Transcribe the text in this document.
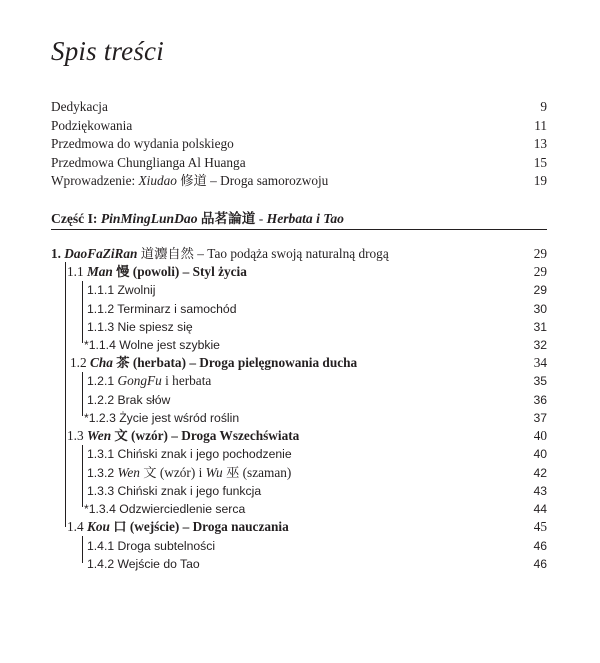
Spis treści
Dedykacja	9
Podziękowania	11
Przedmowa do wydania polskiego	13
Przedmowa Chunglianga Al Huanga	15
Wprowadzenie: Xiudao 修道 – Droga samorozwoju	19
Część I: PinMingLunDao 品茗論道 - Herbata i Tao
1. DaoFaZiRan 道灋自然 – Tao podąża swoją naturalną drogą	29
1.1 Man 慢 (powoli) – Styl życia	29
1.1.1 Zwolnij	29
1.1.2 Terminarz i samochód	30
1.1.3 Nie spiesz się	31
*1.1.4 Wolne jest szybkie	32
1.2 Cha 茶 (herbata) – Droga pielęgnowania ducha	34
1.2.1 GongFu i herbata	35
1.2.2 Brak słów	36
*1.2.3 Życie jest wśród roślin	37
1.3 Wen 文 (wzór) – Droga Wszechświata	40
1.3.1 Chiński znak i jego pochodzenie	40
1.3.2 Wen 文 (wzór) i Wu 巫 (szaman)	42
1.3.3 Chiński znak i jego funkcja	43
*1.3.4 Odzwierciedlenie serca	44
1.4 Kou 口 (wejście) – Droga nauczania	45
1.4.1 Droga subtelności	46
1.4.2 Wejście do Tao	46
